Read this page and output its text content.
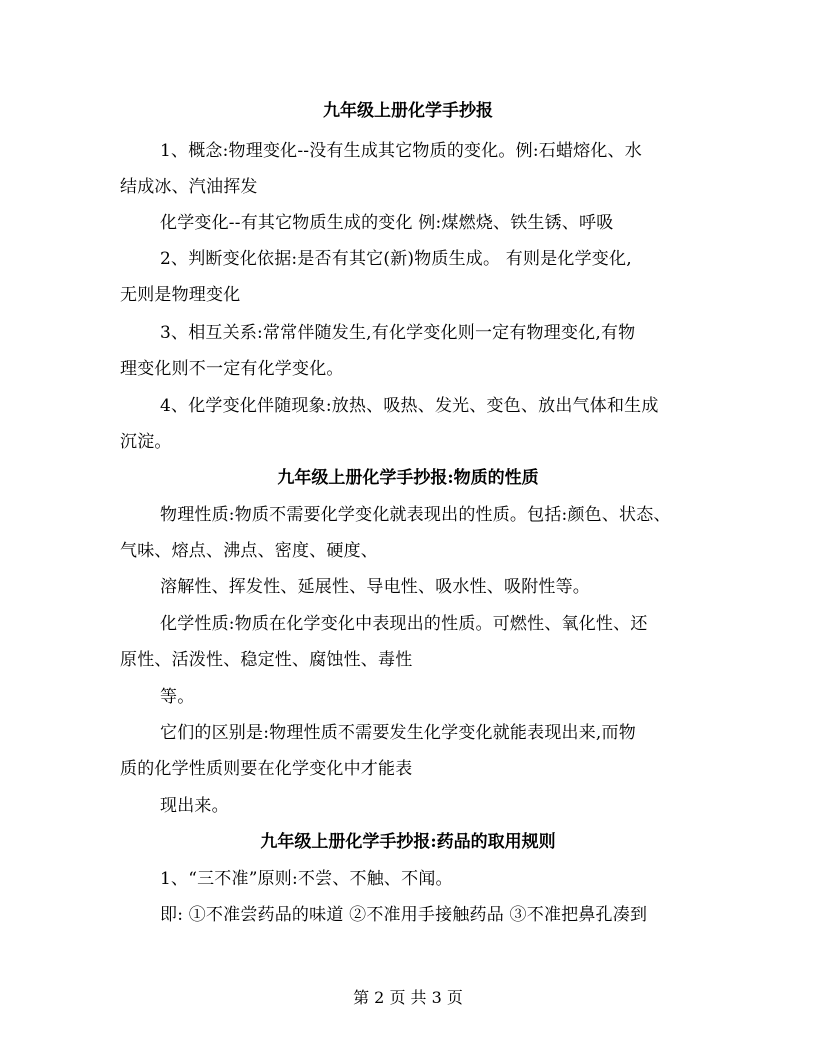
九年级上册化学手抄报
1、概念:物理变化--没有生成其它物质的变化。例:石蜡熔化、水
结成冰、汽油挥发
化学变化--有其它物质生成的变化 例:煤燃烧、铁生锈、呼吸
2、判断变化依据:是否有其它(新)物质生成。 有则是化学变化,
无则是物理变化
3、相互关系:常常伴随发生,有化学变化则一定有物理变化,有物
理变化则不一定有化学变化。
4、化学变化伴随现象:放热、吸热、发光、变色、放出气体和生成
沉淀。
九年级上册化学手抄报:物质的性质
物理性质:物质不需要化学变化就表现出的性质。包括:颜色、状态、
气味、熔点、沸点、密度、硬度、
溶解性、挥发性、延展性、导电性、吸水性、吸附性等。
化学性质:物质在化学变化中表现出的性质。可燃性、氧化性、还
原性、活泼性、稳定性、腐蚀性、毒性
等。
它们的区别是:物理性质不需要发生化学变化就能表现出来,而物
质的化学性质则要在化学变化中才能表
现出来。
九年级上册化学手抄报:药品的取用规则
1、“三不准”原则:不尝、不触、不闻。
即: ①不准尝药品的味道 ②不准用手接触药品 ③不准把鼻孔凑到
第 2 页 共 3 页
